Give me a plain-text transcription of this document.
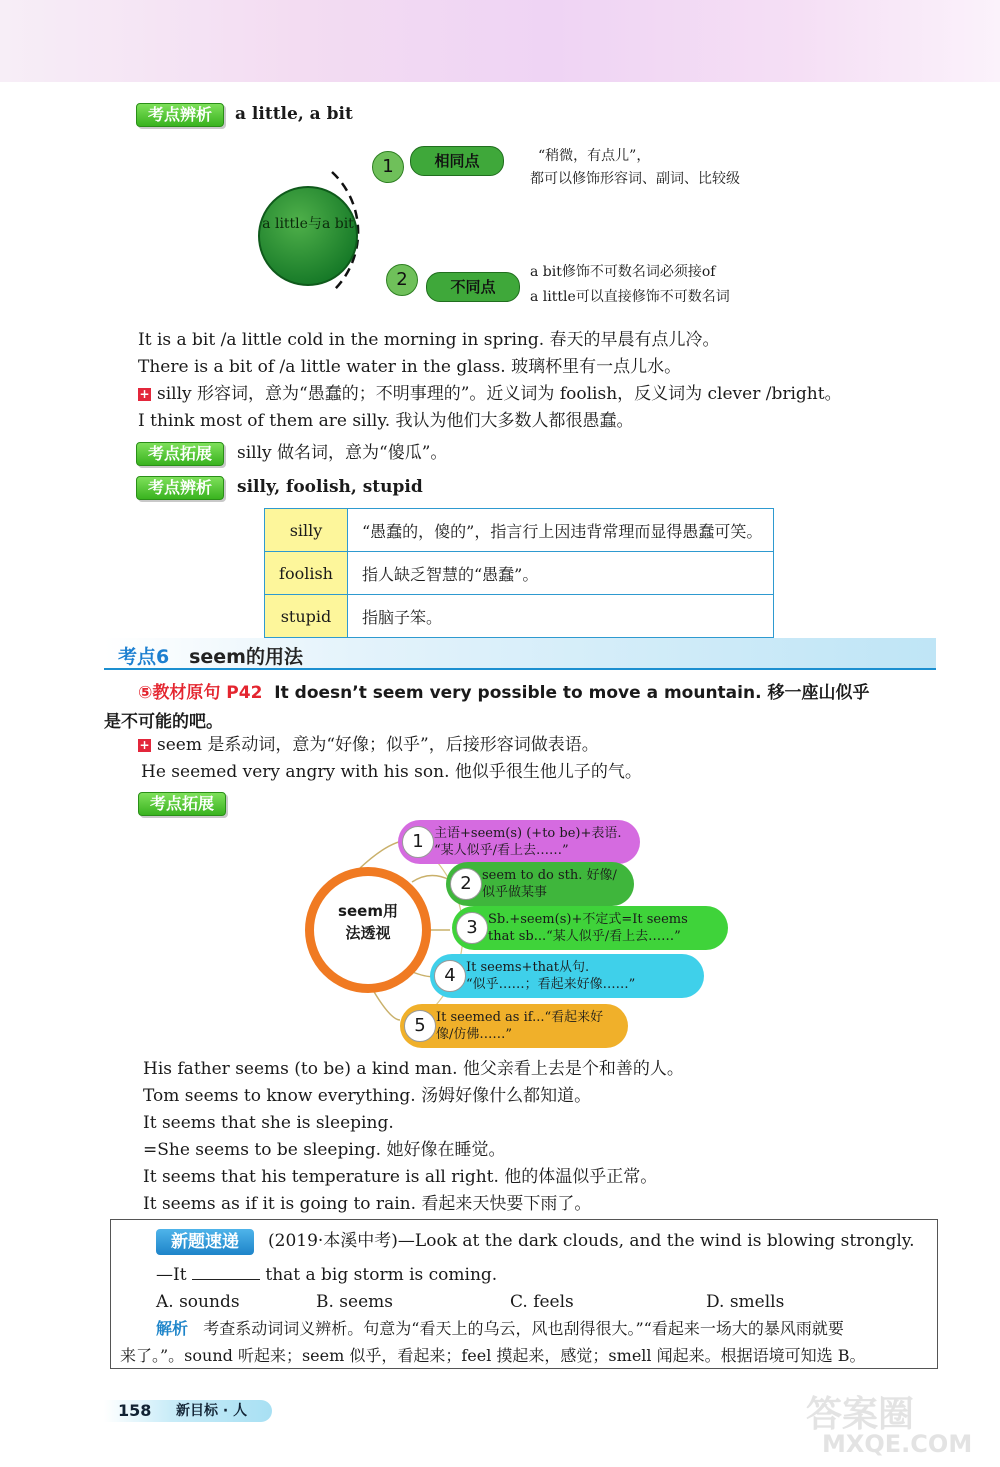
考点辨析	a little, a bit
a little与a bit
1	相同点	“稍微，有点儿”，
都可以修饰形容词、副词、比较级
2	不同点
a bit修饰不可数名词必须接of
a little可以直接修饰不可数名词
It is a bit /a little cold in the morning in spring. 春天的早晨有点儿冷。
There is a bit of /a little water in the glass. 玻璃杯里有一点儿水。
+ silly 形容词，意为“愚蠢的；不明事理的”。近义词为 foolish，反义词为 clever /bright。
I think most of them are silly. 我认为他们大多数人都很愚蠢。
考点拓展	silly 做名词，意为“傻瓜”。
考点辨析	silly, foolish, stupid
silly	“愚蠢的，傻的”，指言行上因违背常理而显得愚蠢可笑。
foolish	指人缺乏智慧的“愚蠢”。
stupid	指脑子笨。
考点6 seem的用法
⑤教材原句 P42 It doesn’t seem very possible to move a mountain. 移一座山似乎
是不可能的吧。
+ seem 是系动词，意为“好像；似乎”，后接形容词做表语。
He seemed very angry with his son. 他似乎很生他儿子的气。
考点拓展
seem用
法透视
1 主语+seem(s) (+to be)+表语.
“某人似乎/看上去……”
2 seem to do sth. 好像/
似乎做某事
3 Sb.+seem(s)+不定式=It seems
that sb...“某人似乎/看上去……”
4 It seems+that从句.
“似乎……；看起来好像……”
5 It seemed as if...“看起来好
像/仿佛……”
His father seems (to be) a kind man. 他父亲看上去是个和善的人。
Tom seems to know everything. 汤姆好像什么都知道。
It seems that she is sleeping.
=She seems to be sleeping. 她好像在睡觉。
It seems that his temperature is all right. 他的体温似乎正常。
It seems as if it is going to rain. 看起来天快要下雨了。
新题速递	(2019·本溪中考)—Look at the dark clouds, and the wind is blowing strongly.
—It	that a big storm is coming.
A. sounds	B. seems	C. feels	D. smells
解析 考查系动词词义辨析。句意为“看天上的乌云，风也刮得很大。”“看起来一场大的暴风雨就要
来了。”。sound 听起来；seem 似乎，看起来；feel 摸起来，感觉；smell 闻起来。根据语境可知选 B。
158 新目标 · 人	答案圈
MXQE.COM
